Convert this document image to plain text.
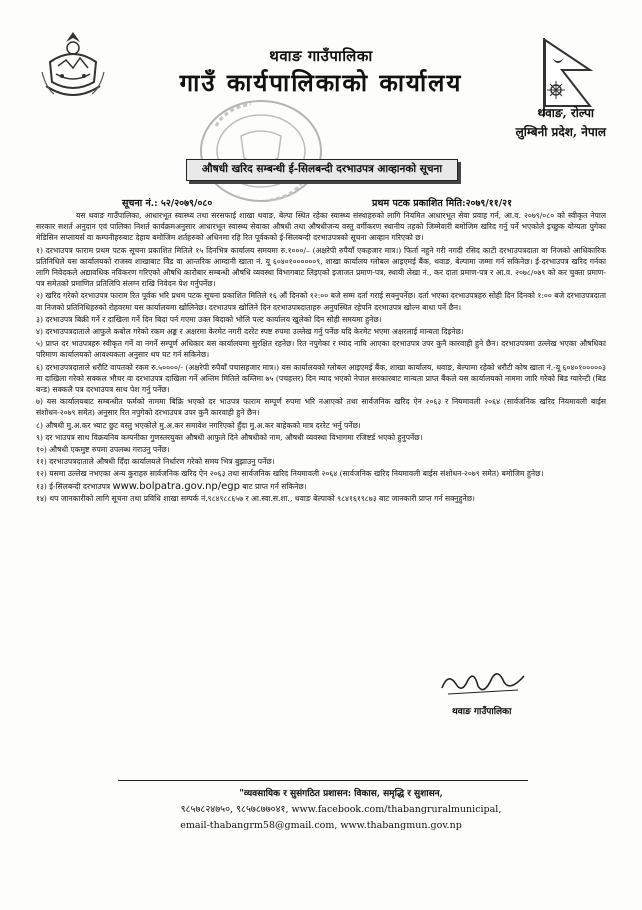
थवाङ गाउँपालिका
गाउँ कार्यपालिकाको कार्यालय
थवाङ, रोल्पा
लुम्बिनी प्रदेश, नेपाल
औषधी खरिद सम्बन्धी ई-सिलबन्दी दरभाउपत्र आव्हानको सूचना
सूचना नं.: ५२/२०७९/०८०	प्रथम पटक प्रकाशित मिति:२०७९/११/२१

यस थवाङ गाउँपालिका, आधारभूत स्वास्थ्य तथा सरसफाई शाखा थवाङ, बेल्पा स्थित रहेका स्वास्थ्य संस्थाहरुको लागि नियमित आधारभूत सेवा प्रवाह गर्न, आ.व. २०७९/०८० को स्वीकृत नेपाल सरकार सशर्त अनुदान एवं पालिका निशर्त कार्यक्रमअनुसार आधारभूत स्वास्थ्य सेवाका औषधी तथा औषधीजन्य वस्तु वर्गीकरण स्थानीय तहको जिम्मेवारी बमोजिम खरिद गर्नु पर्ने भएकोले इच्छुक योग्यता पुगेका मेडिसिन सप्लायर्स वा कम्पनीहरुबाट देहाय बमोजिम शर्तहरुको अधिनमा रहि रित पूर्वकको ई-सिलबन्दी दरभाउपत्रको सूचना आव्हान गरिएको छ।

१) दरभाउपत्र फाराम प्रथम पटक सूचना प्रकाशित मितिले १५ दिनभित्र कार्यालय समयमा रु.१०००/– (अक्षरेपी रुपैयाँ एकहजार मात्र।) फिर्ता नहुने गरी नगदी रसिद काटी दरभाउपत्रदाता वा निजको आधिकारिक प्रतिनिधिले यस कार्यालयको राजस्व शाखाबाट वेिड वा आन्तरिक आम्दानी खाता नं. यू ६०४०१००००००९, शाखा कार्यालय ग्लोबल आइएमई बैंक, थवाङ, बेल्पामा जम्मा गर्न सकिनेछ। ई-दरभाउपत्र खरिद गर्नका लागि निवेदकले अद्यावधिक नविकरण गरिएको औषधि कारोबार सम्बन्धी औषधि व्यवस्था विभागबाट लिइएको इजाजत प्रमाण-पत्र, स्थायी लेखा नं., कर दाता प्रमाण-पत्र र आ.व. २०७८/०७९ को कर चुक्ता प्रमाण-पत्र समेतको प्रमाणित प्रतिलिपि संलग्न राखि निवेदन पेश गर्नुपर्नेछ।

२) खरिद गरेको दरभाउपत्र फाराम रित पूर्वक भरि प्रथम पटक सूचना प्रकाशित मितिले १६ औं दिनको १२:०० बजे सम्म दर्ता गराई सक्नुपर्नेछ। दर्ता भएका दरभाउपत्रहरु सोही दिन दिनको १:०० बजे दरभाउपत्रदाता वा निजको प्रतिनिधिहरुको रोहवरमा यस कार्यालयमा खोलिनेछ। दरभाउपत्र खोलिने दिन दरभाउपत्रदाताहरु अनुपस्थित रहेपनि दरभाउपत्र खोल्न बाधा पर्ने छैन।

३) दरभाउपत्र बिक्री गर्ने र दाखिला गर्ने दिन बिदा पर्न गएमा उक्त बिदाको भोलि पल्ट कार्यालय खुलेको दिन सोही समयमा हुनेछ।

४) दरभाउपत्रदाताले आफुले कबोल गरेको रकम अङ्क र अक्षरमा केरमेट नगरी दररेट स्पष्ट रुपमा उल्लेख गर्नु पर्नेछ यदि केरमेट भएमा अक्षरलाई मान्यता दिइनेछ।

५) प्राप्त दर भाउपत्रहरु स्वीकृत गर्ने वा नगर्ने सम्पूर्ण अधिकार यस कार्यालयमा सुरक्षित रहनेछ। रित नपुगेका र म्याद नाघि आएका दरभाउपत्र उपर कुनै कारवाही हुने छैन। दरभाउपत्रमा उल्लेख भएका औषधिका परिमाण कार्यालयको आवश्यकता अनुसार थप घट गर्न सकिनेछ।

६) दरभाउपत्रदाताले धरौटि वापतको रकम रु.५००००/- (अक्षरेपी रुपैयाँ पचासहजार मात्र।) यस कार्यालयको ग्लोबल आइएमई बैंक, शाखा कार्यालय, थवाङ, बेल्पामा रहेको धरौटी कोष खाता नं.-यू ६०४०१०००००३ मा दाखिला गरेको सक्कल भौचर वा दरभाउपत्र दाखिला गर्ने अन्तिम मितिले कम्तिमा ७५ (पचहत्तर) दिन म्याद भएको नेपाल सरकारबाट मान्यता प्राप्त बैंकले यस कार्यालयको नाममा जारि गरेको बिड ग्यारेन्टी (बिड बन्ड) सक्कलै पत्र दरभाउपत्र साथ पेश गर्नु पर्नेछ।

७) यस कार्यालयबाट सम्बन्धीत फर्मको नाममा बिक्रि भएको दर भाउपत्र फाराम सम्पूर्ण रुपमा भरि नआएको तथा सार्वजनिक खरिद ऐन २०६३ र नियमावली २०६४ (सार्वजनिक खरिद नियमावली बाईस संशोधन-२०७९ समेत) अनुसार रित नपुगेको दरभाउपत्र उपर कुनै कारवाही हुने छैन।

८) औषधी मु.अ.कर भ्याट छुट वस्तु भएकोले मु.अ.कर समावेश नगरिएको हुँदा मु.अ.कर बाहेकको मात्र दररेट भर्नु पर्नेछ।

९) दर भाउपत्र साथ विक्रयनिय कम्पनीका गुणस्तरयुक्त औषधी आफुले दिने औषधीको नाम, औषधी व्यवस्था विभागमा रजिष्टर्ड भएको हुनुपर्नेछ।

१०) औषधी एकमुष्ट रुपमा उपलब्ध गराउनु पर्नेछ।

११) दरभाउपत्रदाताले औषधी दिँदा कार्यालयले निर्धारण गरेको समय भित्र बुझाउनु पर्नेछ।

१२) यसमा उल्लेख नभएका अन्य कुराहरु सार्वजनिक खरिद ऐन २०६३ तथा सार्वजनिक खरिद नियमावली २०६४ (सार्वजनिक खरिद नियमावली बाईस संशोधन-२०७९ समेत) बमोजिम हुनेछ।

१३) ई-सिलबन्दी दरभाउपत्र www.bolpatra.gov.np/egp बाट प्राप्त गर्न सकिनेछ।

१४) थप जानकारीको लागि सूचना तथा प्रविधि शाखा सम्पर्क नं.९८४९८८६५७ र आ.स्वा.स.शा., थवाङ बेल्पाको ९८४१६१९८७३ बाट जानकारी प्राप्त गर्न सक्नुहुनेछ।

थवाङ गाउँपालिका
"व्यवसायिक र सुसंगठित प्रशासन: विकास, समृद्धि र सुशासन,
९८५७८२४७५०, ९८५७८७७०४१, www.facebook.com/thabangruralmunicipal,
email-thabangrm58@gmail.com, www.thabangmun.gov.np
